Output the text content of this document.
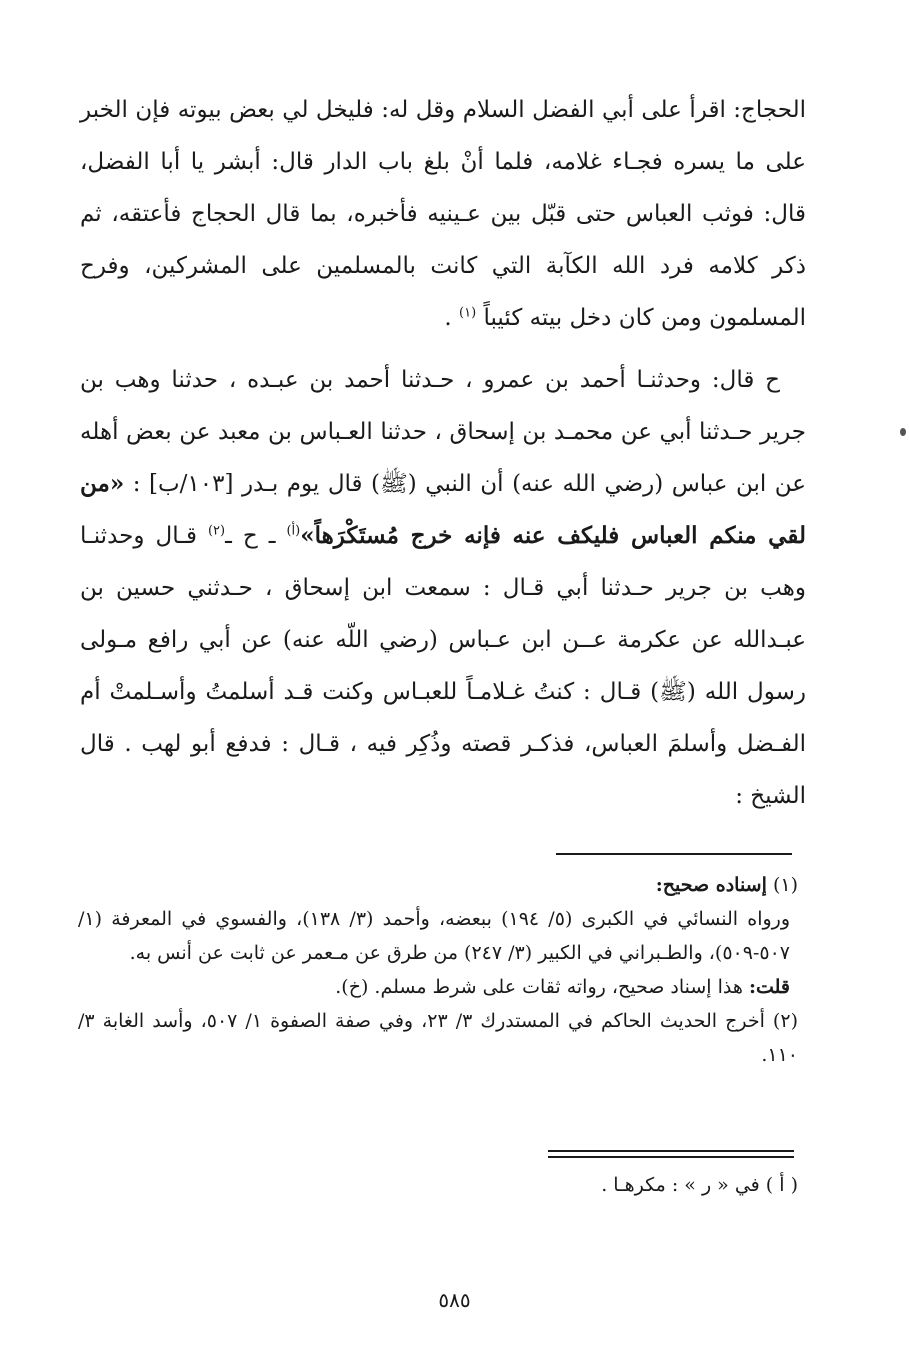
الحجاج: اقرأ على أبي الفضل السلام وقل له: فليخل لي بعض بيوته فإن الخبر على ما يسره فجـاء غلامه، فلما أنْ بلغ باب الدار قال: أبشر يا أبا الفضل، قال: فوثب العباس حتى قبّل بين عـينيه فأخبره، بما قال الحجاج فأعتقه، ثم ذكر كلامه فرد الله الكآبة التي كانت بالمسلمين على المشركين، وفرح المسلمون ومن كان دخل بيته كئيباً $^{(١)}$ .

ح قال: وحدثنـا أحمد بن عمرو ، حـدثنا أحمد بن عبـده ، حدثنا وهب بن جرير حـدثنا أبي عن محمـد بن إسحاق ، حدثنا العـباس بن معبد عن بعض أهله عن ابن عباس (رضي الله عنه) أن النبي (ﷺ) قال يوم بـدر [١٠٣/ب] : «من لقي منكم العباس فليكف عنه فإنه خرج مُستَكْرَهاً»$^{(أ)}$ ـ ح ـ$^{(٢)}$ قـال وحدثنـا وهب بن جرير حـدثنا أبي قـال : سمعت ابن إسحاق ، حـدثني حسين بن عبـدالله عن عكرمة عــن ابن عـباس (رضي اللّه عنه) عن أبي رافع مـولى رسول الله (ﷺ) قـال : كنتُ غـلامـاً للعبـاس وكنت قـد أسلمتُ وأسـلمتْ أم الفـضل وأسلمَ العباس، فذكـر قصته وذُكِر فيه ، قـال : فدفع أبو لهب . قال الشيخ :

(١) إسناده صحيح:

ورواه النسائي في الكبرى (٥/ ١٩٤) ببعضه، وأحمد (٣/ ١٣٨)، والفسوي في المعرفة (١/ ٥٠٧-٥٠٩)، والطـبراني في الكبير (٣/ ٢٤٧) من طرق عن مـعمر عن ثابت عن أنس به.

قلت: هذا إسناد صحيح، رواته ثقات على شرط مسلم. (خ).

(٢) أخرج الحديث الحاكم في المستدرك ٣/ ٢٣، وفي صفة الصفوة ١/ ٥٠٧، وأسد الغابة ٣/ ١١٠.

( أ ) في « ر » : مكرهـا .

٥٨٥
